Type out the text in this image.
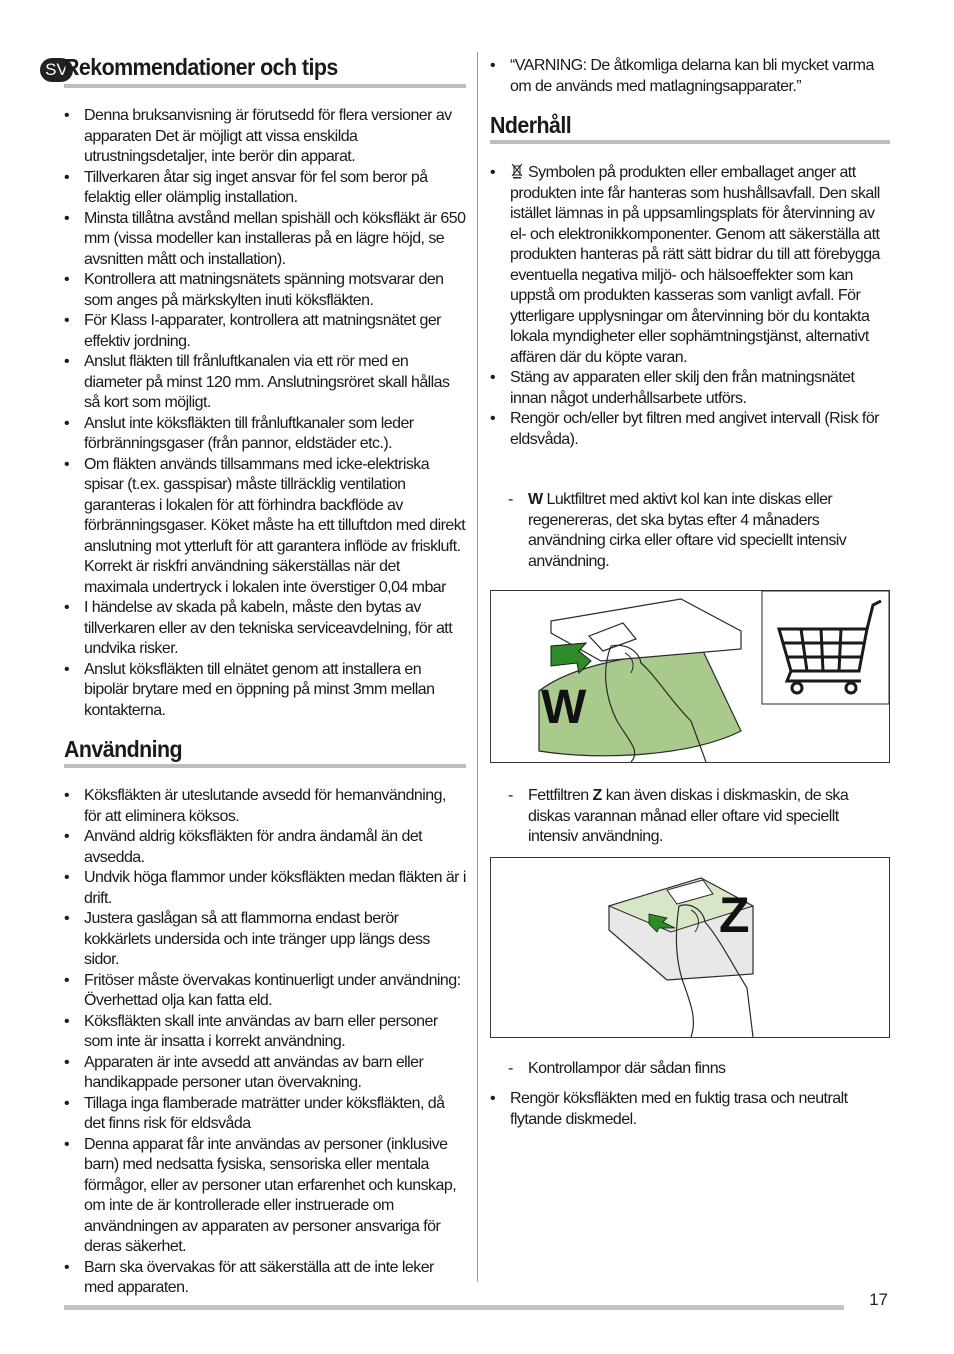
SV
Rekommendationer och tips
• Denna bruksanvisning är förutsedd för flera versioner av apparaten Det är möjligt att vissa enskilda utrustningsdetaljer, inte berör din apparat.
• Tillverkaren åtar sig inget ansvar för fel som beror på felaktig eller olämplig installation.
• Minsta tillåtna avstånd mellan spishäll och köksfläkt är 650 mm (vissa modeller kan installeras på en lägre höjd, se avsnitten mått och installation).
• Kontrollera att matningsnätets spänning motsvarar den som anges på märkskylten inuti köksfläkten.
• För Klass I-apparater, kontrollera att matningsnätet ger effektiv jordning.
• Anslut fläkten till frånluftkanalen via ett rör med en diameter på minst 120 mm. Anslutningsröret skall hållas så kort som möjligt.
• Anslut inte köksfläkten till frånluftkanaler som leder förbränningsgaser (från pannor, eldstäder etc.).
• Om fläkten används tillsammans med icke-elektriska spisar (t.ex. gasspisar) måste tillräcklig ventilation garanteras i lokalen för att förhindra backflöde av förbränningsgaser. Köket måste ha ett tilluftdon med direkt anslutning mot ytterluft för att garantera inflöde av friskluft. Korrekt är riskfri användning säkerställas när det maximala undertryck i lokalen inte överstiger 0,04 mbar
• I händelse av skada på kabeln, måste den bytas av tillverkaren eller av den tekniska serviceavdelning, för att undvika risker.
• Anslut köksfläkten till elnätet genom att installera en bipolär brytare med en öppning på minst 3mm mellan kontakterna.
Användning
• Köksfläkten är uteslutande avsedd för hemanvändning, för att eliminera köksos.
• Använd aldrig köksfläkten för andra ändamål än det avsedda.
• Undvik höga flammor under köksfläkten medan fläkten är i drift.
• Justera gaslågan så att flammorna endast berör kokkärlets undersida och inte tränger upp längs dess sidor.
• Fritöser måste övervakas kontinuerligt under användning: Överhettad olja kan fatta eld.
• Köksfläkten skall inte användas av barn eller personer som inte är insatta i korrekt användning.
• Apparaten är inte avsedd att användas av barn eller handikappade personer utan övervakning.
• Tillaga inga flamberade maträtter under köksfläkten, då det finns risk för eldsvåda
• Denna apparat får inte användas av personer (inklusive barn) med nedsatta fysiska, sensoriska eller mentala förmågor, eller av personer utan erfarenhet och kunskap, om inte de är kontrollerade eller instruerade om användningen av apparaten av personer ansvariga för deras säkerhet.
• Barn ska övervakas för att säkerställa att de inte leker med apparaten.
• “VARNING: De åtkomliga delarna kan bli mycket varma om de används med matlagningsapparater.”
Nderhåll
• Symbolen på produkten eller emballaget anger att produkten inte får hanteras som hushållsavfall. Den skall istället lämnas in på uppsamlingsplats för återvinning av el- och elektronikkomponenter. Genom att säkerställa att produkten hanteras på rätt sätt bidrar du till att förebygga eventuella negativa miljö- och hälsoeffekter som kan uppstå om produkten kasseras som vanligt avfall. För ytterligare upplysningar om återvinning bör du kontakta lokala myndigheter eller sophämtningstjänst, alternativt affären där du köpte varan.
• Stäng av apparaten eller skilj den från matningsnätet innan något underhållsarbete utförs.
• Rengör och/eller byt filtren med angivet intervall (Risk för eldsvåda).
- W Luktfiltret med aktivt kol kan inte diskas eller regenereras, det ska bytas efter 4 månaders användning cirka eller oftare vid speciellt intensiv användning.
W
- Fettfiltren Z kan även diskas i diskmaskin, de ska diskas varannan månad eller oftare vid speciellt intensiv användning.
Z
- Kontrollampor där sådan finns
• Rengör köksfläkten med en fuktig trasa och neutralt flytande diskmedel.
17
